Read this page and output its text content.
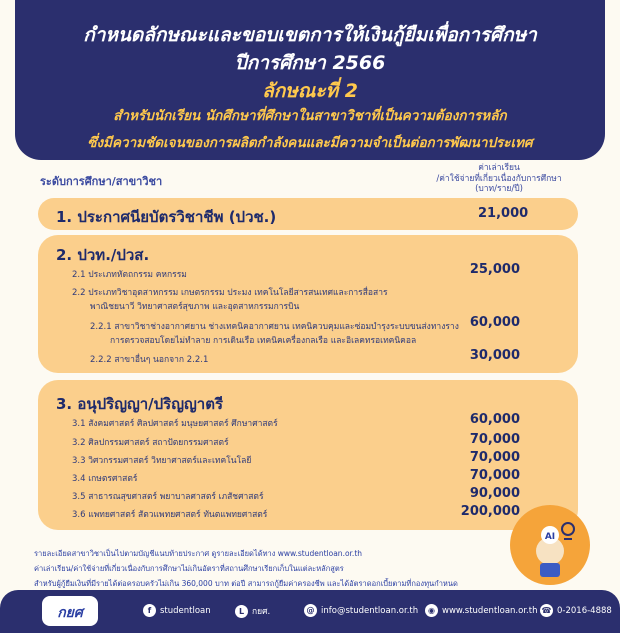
กำหนดลักษณะและขอบเขตการให้เงินกู้ยืมเพื่อการศึกษา
ปีการศึกษา 2566
ลักษณะที่ 2
สำหรับนักเรียน นักศึกษาที่ศึกษาในสาขาวิชาที่เป็นความต้องการหลัก
ซึ่งมีความชัดเจนของการผลิตกำลังคนและมีความจำเป็นต่อการพัฒนาประเทศ
ระดับการศึกษา/สาขาวิชา
ค่าเล่าเรียน
/ค่าใช้จ่ายที่เกี่ยวเนื่องกับการศึกษา
(บาท/ราย/ปี)
1. ประกาศนียบัตรวิชาชีพ (ปวช.)	21,000
2. ปวท./ปวส.
2.1 ประเภทหัตถกรรม คหกรรม	25,000
2.2 ประเภทวิชาอุตสาหกรรม เกษตรกรรม ประมง เทคโนโลยีสารสนเทศและการสื่อสาร
พาณิชยนาวี วิทยาศาสตร์สุขภาพ และอุตสาหกรรมการบิน
2.2.1 สาขาวิชาช่างอากาศยาน ช่างเทคนิคอากาศยาน เทคนิควบคุมและซ่อมบำรุงระบบขนส่งทางราง 60,000
การตรวจสอบโดยไม่ทำลาย การเดินเรือ เทคนิคเครื่องกลเรือ และอิเลคทรอเทคนิคอล
2.2.2 สาขาอื่นๆ นอกจาก 2.2.1	30,000
3. อนุปริญญา/ปริญญาตรี
3.1 สังคมศาสตร์ ศิลปศาสตร์ มนุษยศาสตร์ ศึกษาศาสตร์	60,000
3.2 ศิลปกรรมศาสตร์ สถาปัตยกรรมศาสตร์	70,000
3.3 วิศวกรรมศาสตร์ วิทยาศาสตร์และเทคโนโลยี	70,000
3.4 เกษตรศาสตร์	70,000
3.5 สาธารณสุขศาสตร์ พยาบาลศาสตร์ เภสัชศาสตร์	90,000
3.6 แพทยศาสตร์ สัตวแพทยศาสตร์ ทันตแพทยศาสตร์	200,000
รายละเอียดสาขาวิชาเป็นไปตามบัญชีแนบท้ายประกาศ ดูรายละเอียดได้ทาง www.studentloan.or.th
ค่าเล่าเรียน/ค่าใช้จ่ายที่เกี่ยวเนื่องกับการศึกษาไม่เกินอัตราที่สถานศึกษาเรียกเก็บในแต่ละหลักสูตร
สำหรับผู้กู้ยืมเงินที่มีรายได้ต่อครอบครัวไม่เกิน 360,000 บาท ต่อปี สามารถกู้ยืมค่าครองชีพ และได้อัตราดอกเบี้ยตามที่กองทุนกำหนด
AI
กยศ	f	studentloan	L กยศ.	@ info@studentloan.or.th	◉ www.studentloan.or.th ☎ 0-2016-4888
